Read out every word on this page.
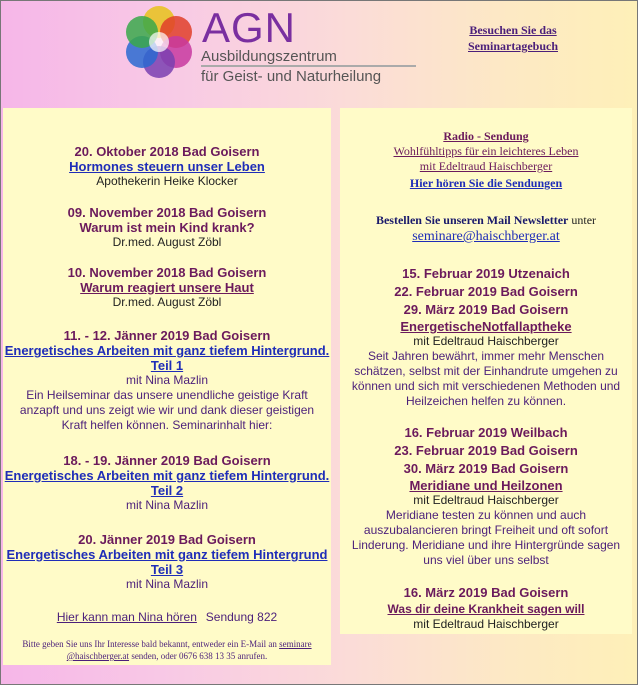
AGN
Ausbildungszentrum
für Geist- und Naturheilung
Besuchen Sie das
Seminartagebuch
20. Oktober 2018 Bad Goisern
Hormones steuern unser Leben
Apothekerin Heike Klocker
09. November 2018 Bad Goisern
Warum ist mein Kind krank?
Dr.med. August Zöbl
10. November 2018 Bad Goisern
Warum reagiert unsere Haut
Dr.med. August Zöbl
11. - 12. Jänner 2019 Bad Goisern
Energetisches Arbeiten mit ganz tiefem Hintergrund.
Teil 1
mit Nina Mazlin
Ein Heilseminar das unsere unendliche geistige Kraft
anzapft und uns zeigt wie wir und dank dieser geistigen
Kraft helfen können. Seminarinhalt hier:
18. - 19. Jänner 2019 Bad Goisern
Energetisches Arbeiten mit ganz tiefem Hintergrund.
Teil 2
mit Nina Mazlin
20. Jänner 2019 Bad Goisern
Energetisches Arbeiten mit ganz tiefem Hintergrund
Teil 3
mit Nina Mazlin
Hier kann man Nina hören Sendung 822
Bitte geben Sie uns Ihr Interesse bald bekannt, entweder ein E-Mail an seminare
@haischberger.at senden, oder 0676 638 13 35 anrufen.
Radio - Sendung
Wohlfühltipps für ein leichteres Leben
mit Edeltraud Haischberger
Hier hören Sie die Sendungen
Bestellen Sie unseren Mail Newsletter unter
seminare@haischberger.at
15. Februar 2019 Utzenaich
22. Februar 2019 Bad Goisern
29. März 2019 Bad Goisern
EnergetischeNotfallaptheke
mit Edeltraud Haischberger
Seit Jahren bewährt, immer mehr Menschen
schätzen, selbst mit der Einhandrute umgehen zu
können und sich mit verschiedenen Methoden und
Heilzeichen helfen zu können.
16. Februar 2019 Weilbach
23. Februar 2019 Bad Goisern
30. März 2019 Bad Goisern
Meridiane und Heilzonen
mit Edeltraud Haischberger
Meridiane testen zu können und auch
auszubalancieren bringt Freiheit und oft sofort
Linderung. Meridiane und ihre Hintergründe sagen
uns viel über uns selbst
16. März 2019 Bad Goisern
Was dir deine Krankheit sagen will
mit Edeltraud Haischberger
